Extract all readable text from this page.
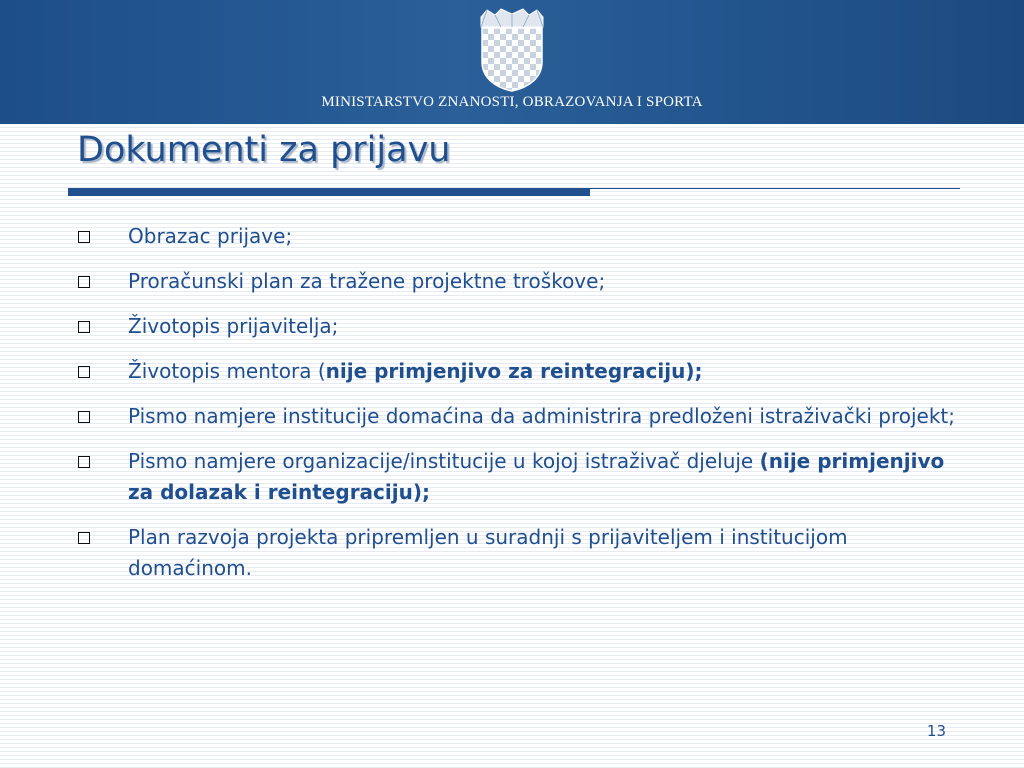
MINISTARSTVO ZNANOSTI, OBRAZOVANJA I SPORTA
Dokumenti za prijavu
Obrazac prijave;
Proračunski plan za tražene projektne troškove;
Životopis prijavitelja;
Životopis mentora (nije primjenjivo za reintegraciju);
Pismo namjere institucije domaćina da administrira predloženi istraživački projekt;
Pismo namjere organizacije/institucije u kojoj istraživač djeluje (nije primjenjivo za dolazak i reintegraciju);
Plan razvoja projekta pripremljen u suradnji s prijaviteljem i institucijom domaćinom.
13
